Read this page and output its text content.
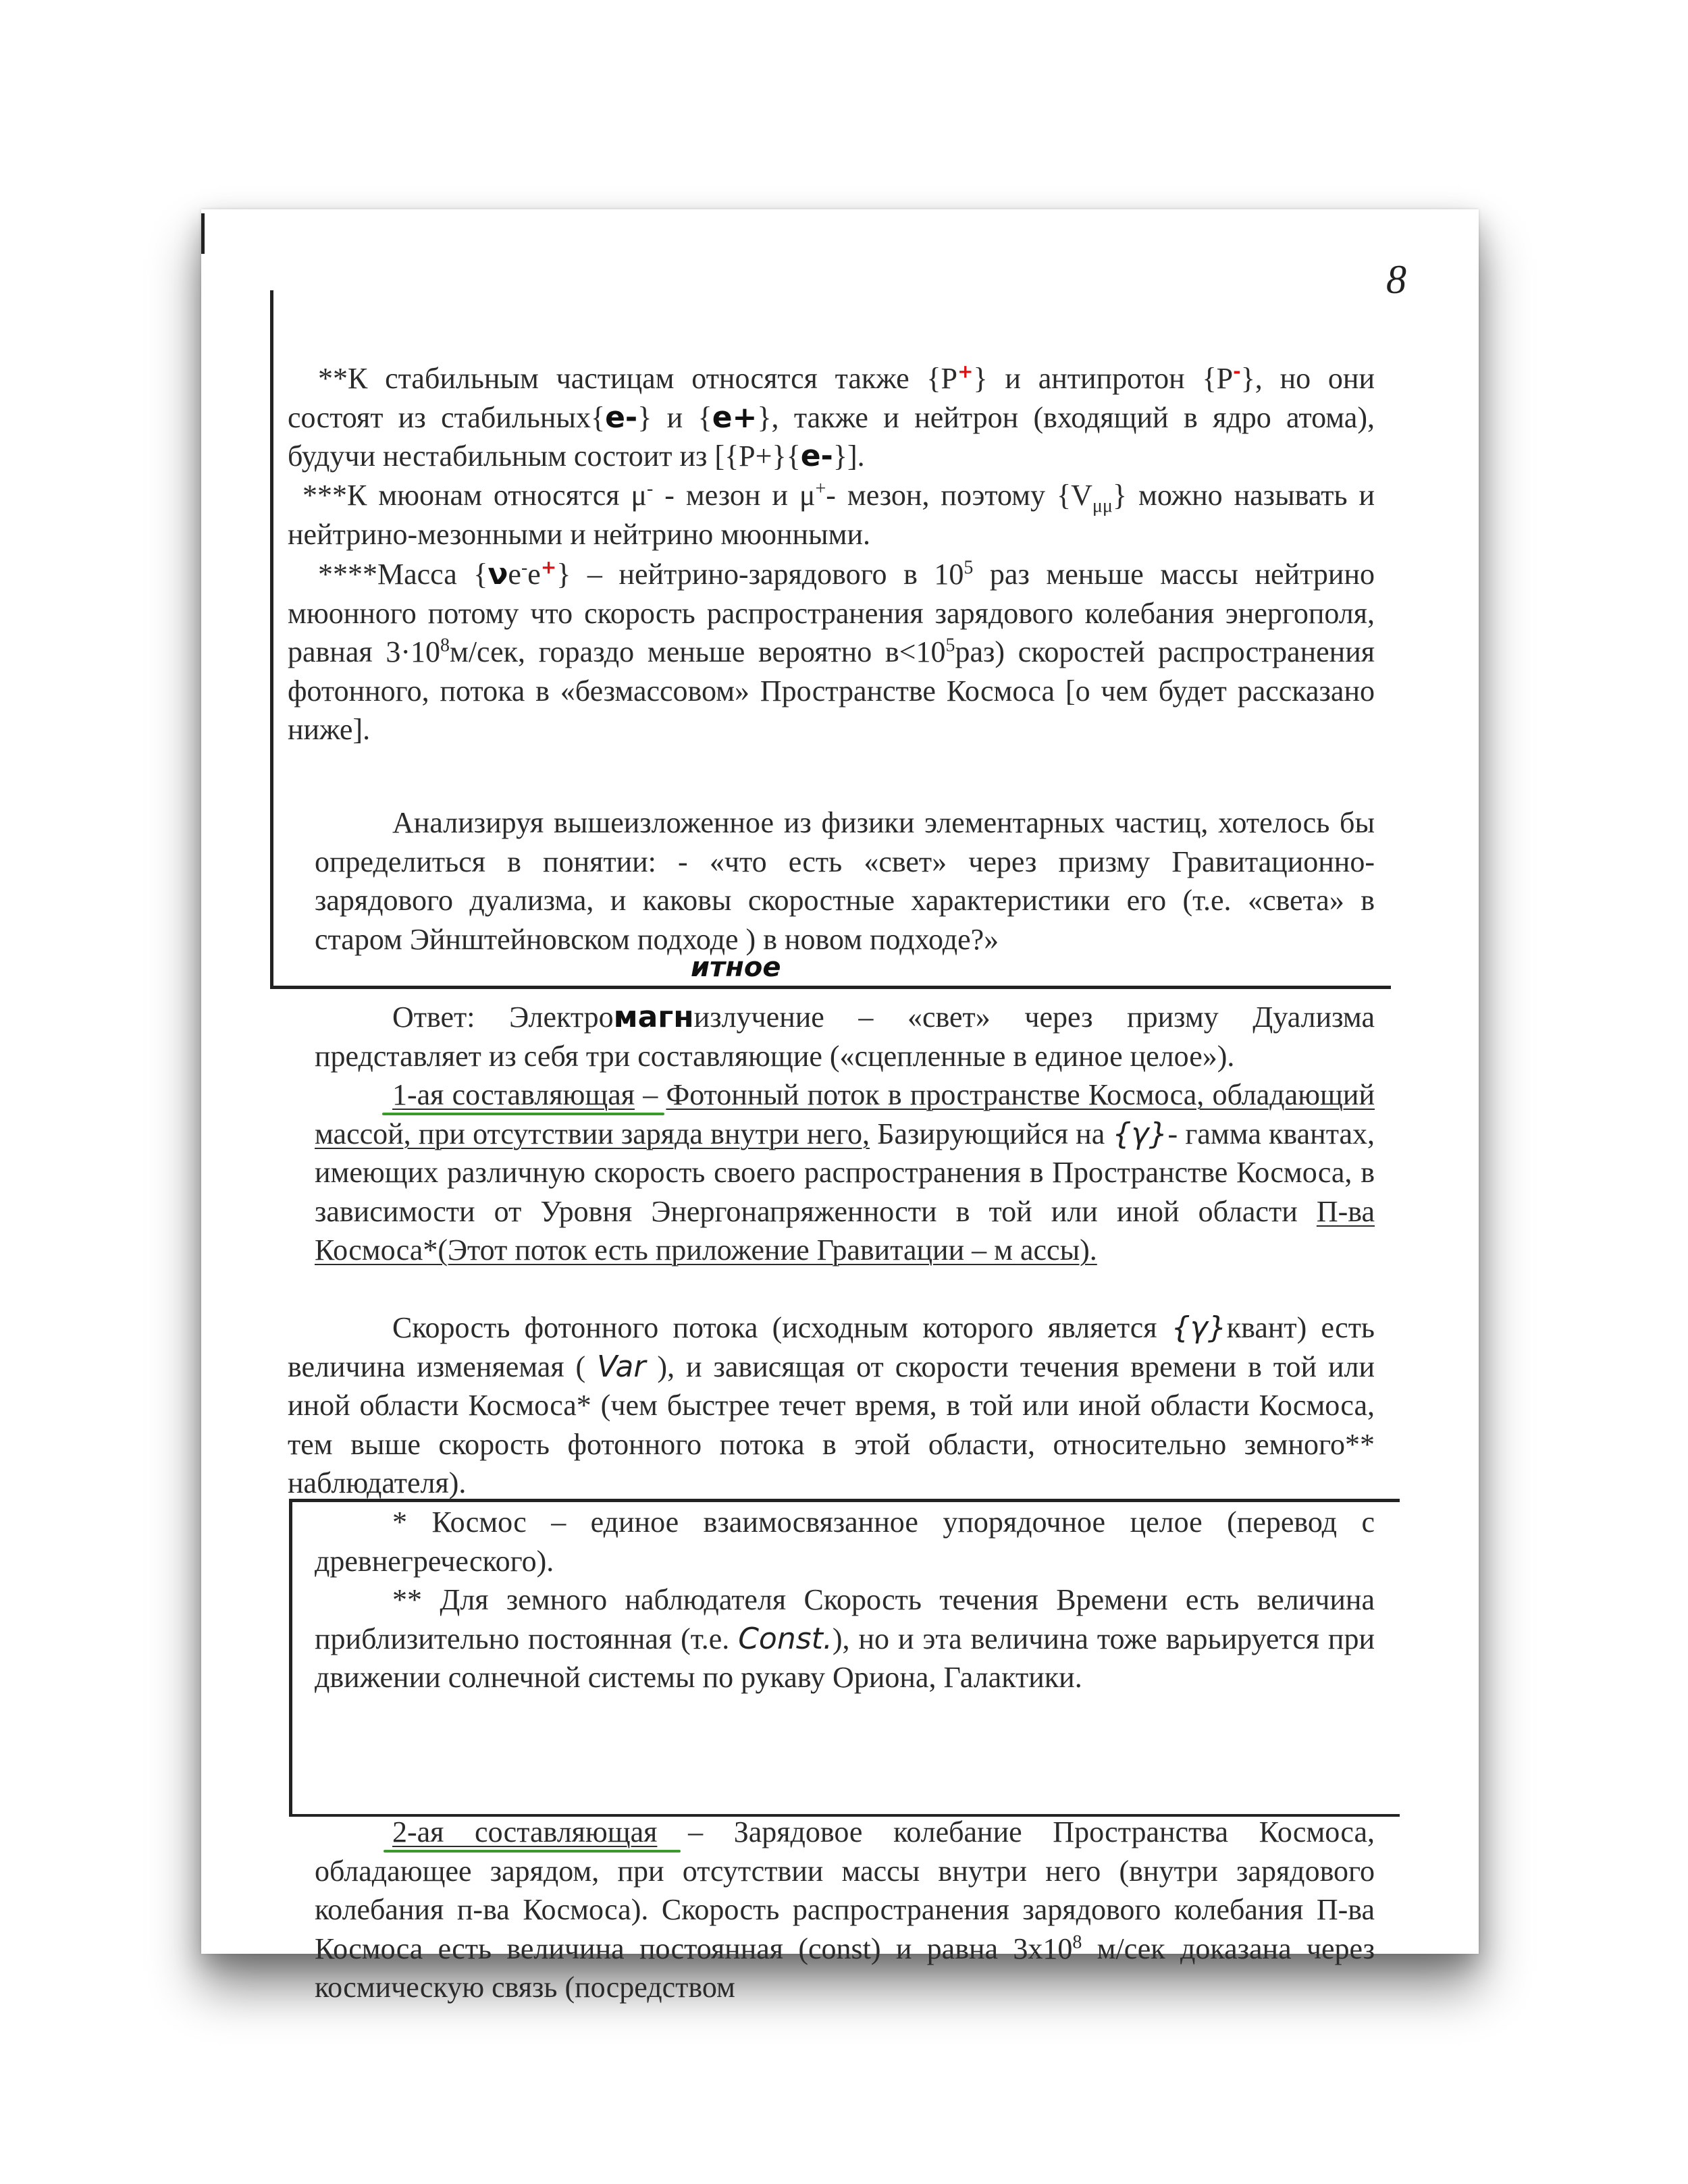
8
**К стабильным частицам относятся также {Р+} и антипротон {Р-}, но они состоят из стабильных{e-} и {e+}, также и нейтрон (входящий в ядро атома), будучи нестабильным состоит из [{Р+}{e-}].
***К мюонам относятся μ- - мезон и μ+- мезон, поэтому $\{V_{\mu\mu}\}$ можно называть и нейтрино-мезонными и нейтрино мюонными.
****Масса {νe-e+} – нейтрино-зарядового в $10^5$ раз меньше массы нейтрино мюонного потому что скорость распространения зарядового колебания энергополя, равная $3\cdot 10^8м$/сек, гораздо меньше вероятно $в<10^5раз$) скоростей распространения фотонного, потока в «безмассовом» Пространстве Космоса [о чем будет рассказано ниже].
Анализируя вышеизложенное из физики элементарных частиц, хотелось бы определиться в понятии: - «что есть «свет» через призму Гравитационно-зарядового дуализма, и каковы скоростные характеристики его (т.е. «света» в старом Эйнштейновском подходе ) в новом подходе?»
итное
Ответ: Электромагнизлучение – «свет» через призму Дуализма представляет из себя три составляющие («сцепленные в единое целое»).
1-ая составляющая – Фотонный поток в пространстве Космоса, обладающий массой, при отсутствии заряда внутри него, Базирующийся на {γ}- гамма квантах, имеющих различную скорость своего распространения в Пространстве Космоса, в зависимости от Уровня Энергонапряженности в той или иной области П-ва Космоса*(Этот поток есть приложение Гравитации – м ассы).
Скорость фотонного потока (исходным которого является {γ}квант) есть величина изменяемая ( Var ), и зависящая от скорости течения времени в той или иной области Космоса* (чем быстрее течет время, в той или иной области Космоса, тем выше скорость фотонного потока в этой области, относительно земного** наблюдателя).
* Космос – единое взаимосвязанное упорядочное целое (перевод с древнегреческого).
** Для земного наблюдателя Скорость течения Времени есть величина приблизительно постоянная (т.е. Const.), но и эта величина тоже варьируется при движении солнечной системы по рукаву Ориона, Галактики.
2-ая составляющая – Зарядовое колебание Пространства Космоса, обладающее зарядом, при отсутствии массы внутри него (внутри зарядового колебания п-ва Космоса). Скорость распространения зарядового колебания П-ва Космоса есть величина постоянная (const) и равна $3х10^8$ м/сек доказана через космическую связь (посредством
